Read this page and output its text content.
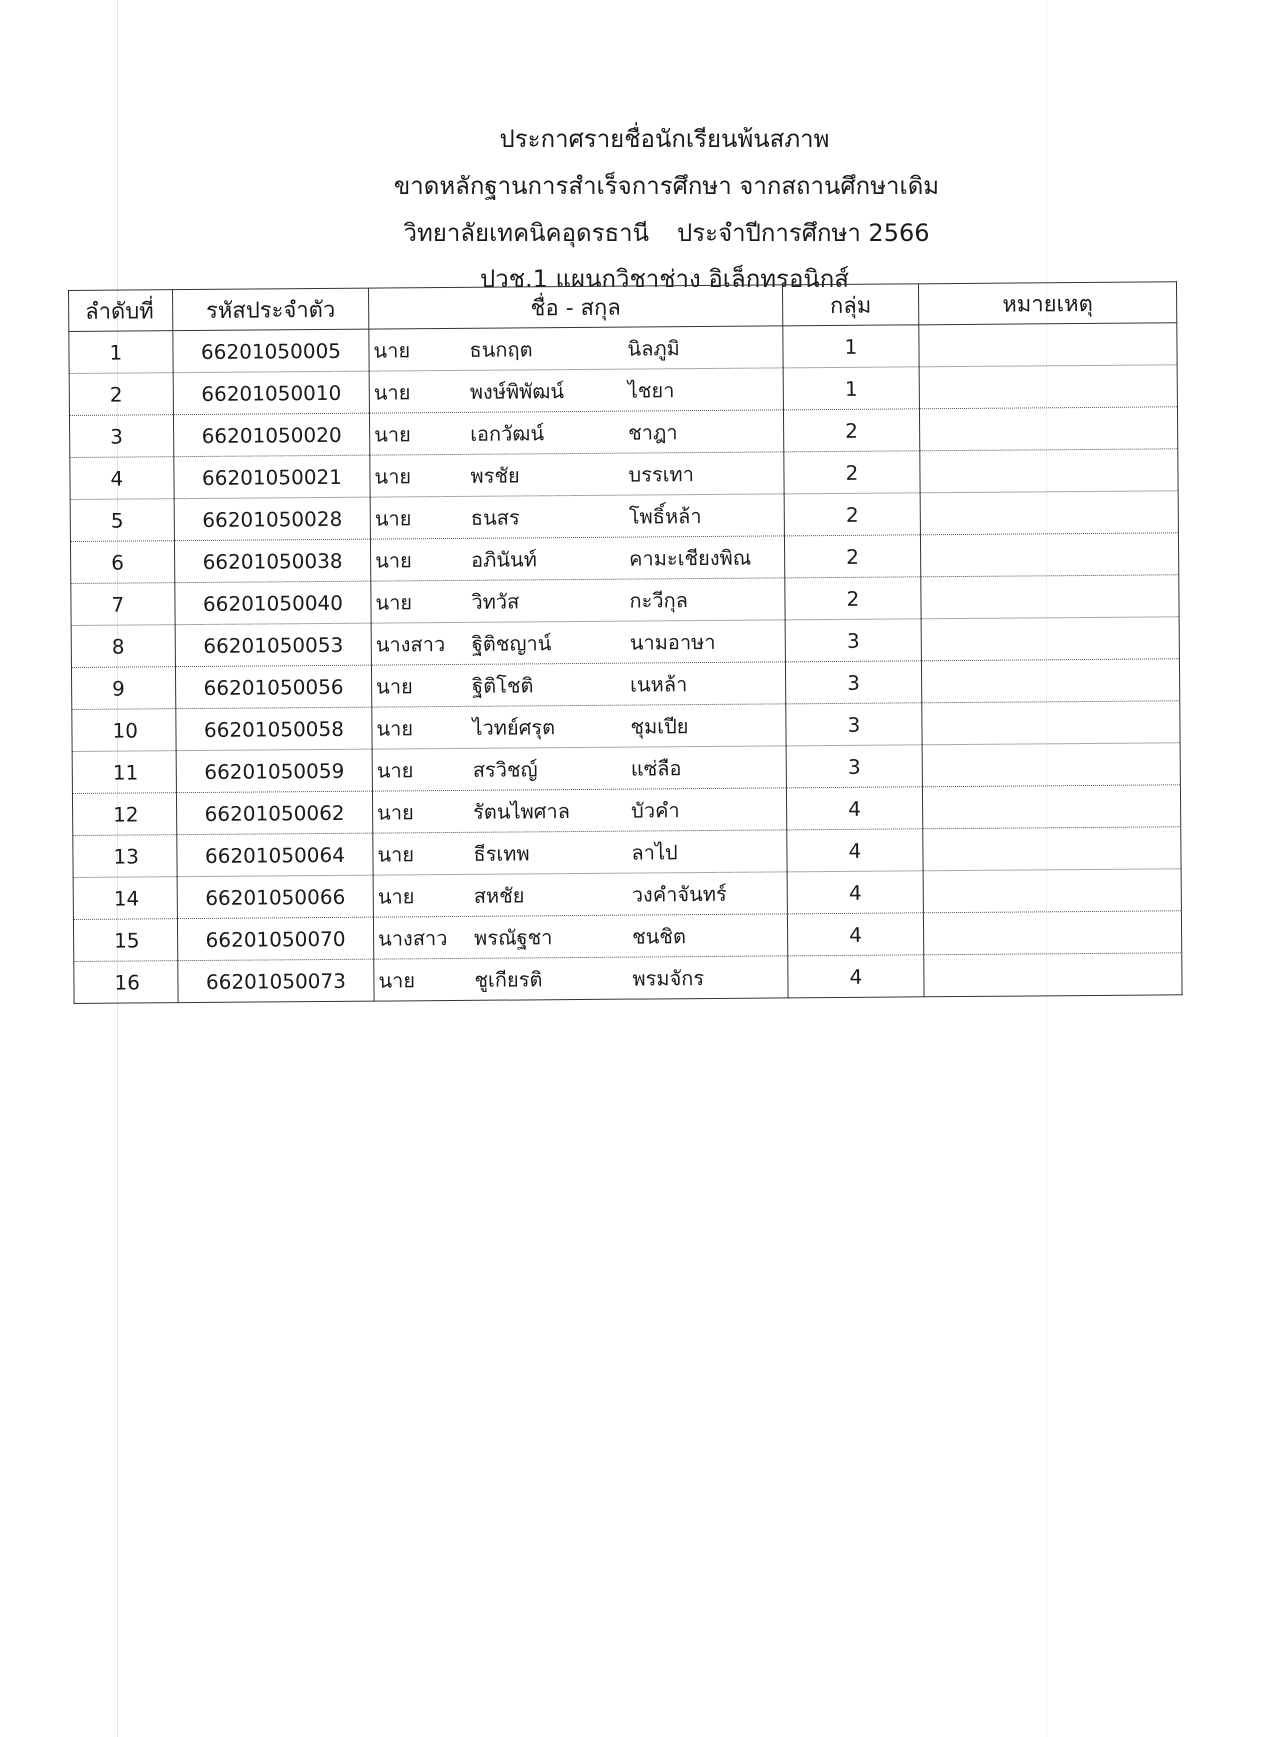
ประกาศรายชื่อนักเรียนพ้นสภาพ
ขาดหลักฐานการสำเร็จการศึกษา จากสถานศึกษาเดิม
วิทยาลัยเทคนิคอุดรธานี ประจำปีการศึกษา 2566
ปวช.1 แผนกวิชาช่าง อิเล็กทรอนิกส์
ลำดับที่	รหัสประจำตัว	ชื่อ - สกุล	กลุ่ม	หมายเหตุ
1	66201050005	นาย ธนกฤต นิลภูมิ	1	
2	66201050010	นาย พงษ์พิพัฒน์ ไชยา	1	
3	66201050020	นาย เอกวัฒน์ ชาฎา	2	
4	66201050021	นาย พรชัย บรรเทา	2	
5	66201050028	นาย ธนสร โพธิ์หล้า	2	
6	66201050038	นาย อภินันท์ คามะเชียงพิณ	2	
7	66201050040	นาย วิทวัส กะวีกุล	2	
8	66201050053	นางสาว ฐิติชญาน์ นามอาษา	3	
9	66201050056	นาย ฐิติโชติ เนหล้า	3	
10	66201050058	นาย ไวทย์ศรุต ชุมเปีย	3	
11	66201050059	นาย สรวิชญ์ แซ่ลือ	3	
12	66201050062	นาย รัตนไพศาล บัวคำ	4	
13	66201050064	นาย ธีรเทพ ลาไป	4	
14	66201050066	นาย สหชัย วงคำจันทร์	4	
15	66201050070	นางสาว พรณัฐชา ชนชิต	4	
16	66201050073	นาย ชูเกียรติ พรมจักร	4	
